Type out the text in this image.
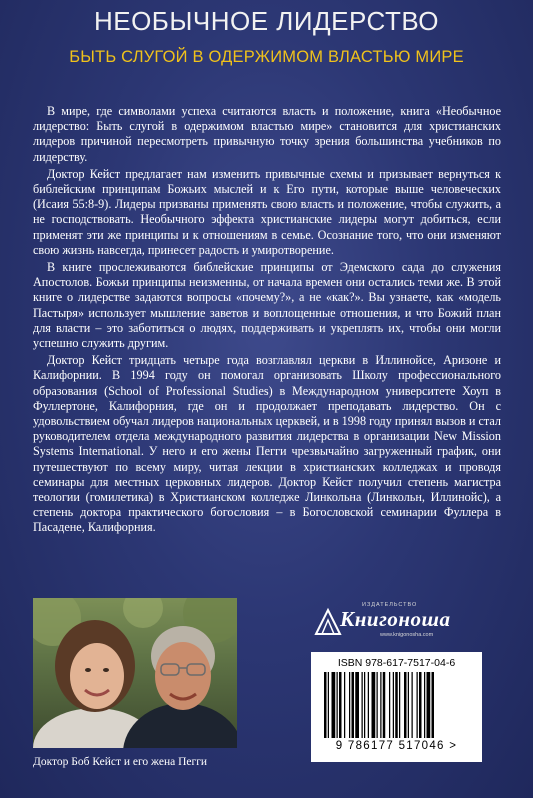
НЕОБЫЧНОЕ ЛИДЕРСТВО
БЫТЬ СЛУГОЙ В ОДЕРЖИМОМ ВЛАСТЬЮ МИРЕ

В мире, где символами успеха считаются власть и положение, книга «Необычное лидерство: Быть слугой в одержимом властью мире» становится для христианских лидеров причиной пересмотреть привычную точку зрения большинства учебников по лидерству.

Доктор Кейст предлагает нам изменить привычные схемы и призывает вернуться к библейским принципам Божьих мыслей и к Его пути, которые выше человеческих (Исаия 55:8-9). Лидеры призваны применять свою власть и положение, чтобы служить, а не господствовать. Необычного эффекта христианские лидеры могут добиться, если применят эти же принципы и к отношениям в семье. Осознание того, что они изменяют свою жизнь навсегда, принесет радость и умиротворение.

В книге прослеживаются библейские принципы от Эдемского сада до служения Апостолов. Божьи принципы неизменны, от начала времен они остались теми же. В этой книге о лидерстве задаются вопросы «почему?», а не «как?». Вы узнаете, как «модель Пастыря» использует мышление заветов и воплощенные отношения, и что Божий план для власти – это заботиться о людях, поддерживать и укреплять их, чтобы они могли успешно служить другим.

Доктор Кейст тридцать четыре года возглавлял церкви в Иллинойсе, Аризоне и Калифорнии. В 1994 году он помогал организовать Школу профессионального образования (School of Professional Studies) в Международном университете Хоуп в Фуллертоне, Калифорния, где он и продолжает преподавать лидерство. Он с удовольствием обучал лидеров национальных церквей, и в 1998 году принял вызов и стал руководителем отдела международного развития лидерства в организации New Mission Systems International. У него и его жены Пегги чрезвычайно загруженный график, они путешествуют по всему миру, читая лекции в христианских колледжах и проводя семинары для местных церковных лидеров. Доктор Кейст получил степень магистра теологии (гомилетика) в Христианском колледже Линкольна (Линкольн, Иллинойс), а степень доктора практического богословия – в Богословской семинарии Фуллера в Пасадене, Калифорния.

Доктор Боб Кейст и его жена Пегги
ИЗДАТЕЛЬСТВО
Книгоноша
www.knigonosha.com
ISBN 978-617-7517-04-6
9 786177 517046 >
